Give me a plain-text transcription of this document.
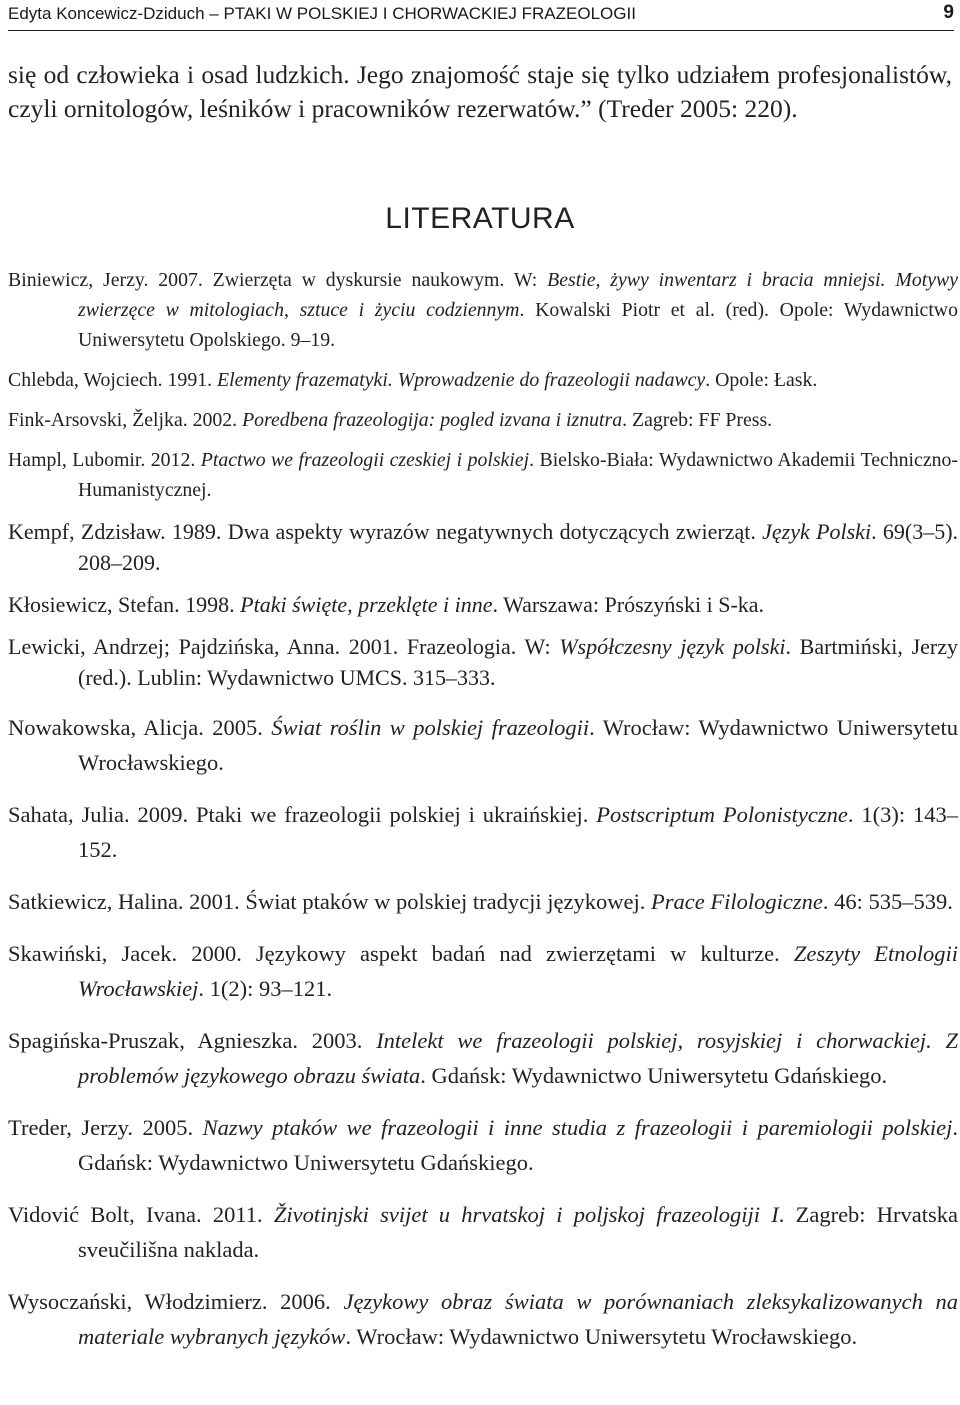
Edyta Koncewicz-Dziduch – PTAKI W POLSKIEJ I CHORWACKIEJ FRAZEOLOGII	9

się od człowieka i osad ludzkich. Jego znajomość staje się tylko udziałem profesjonalistów, czyli ornitologów, leśników i pracowników rezerwatów.” (Treder 2005: 220).

LITERATURA

Biniewicz, Jerzy. 2007. Zwierzęta w dyskursie naukowym. W: Bestie, żywy inwentarz i bracia mniejsi. Motywy zwierzęce w mitologiach, sztuce i życiu codziennym. Kowalski Piotr et al. (red). Opole: Wydawnictwo Uniwersytetu Opolskiego. 9–19.

Chlebda, Wojciech. 1991. Elementy frazematyki. Wprowadzenie do frazeologii nadawcy. Opole: Łask.

Fink-Arsovski, Željka. 2002. Poredbena frazeologija: pogled izvana i iznutra. Zagreb: FF Press.

Hampl, Lubomir. 2012. Ptactwo we frazeologii czeskiej i polskiej. Bielsko-Biała: Wydawnictwo Akademii Techniczno-Humanistycznej.

Kempf, Zdzisław. 1989. Dwa aspekty wyrazów negatywnych dotyczących zwierząt. Język Polski. 69(3–5). 208–209.

Kłosiewicz, Stefan. 1998. Ptaki święte, przeklęte i inne. Warszawa: Prószyński i S-ka.

Lewicki, Andrzej; Pajdzińska, Anna. 2001. Frazeologia. W: Współczesny język polski. Bartmiński, Jerzy (red.). Lublin: Wydawnictwo UMCS. 315–333.

Nowakowska, Alicja. 2005. Świat roślin w polskiej frazeologii. Wrocław: Wydawnictwo Uniwersytetu Wrocławskiego.

Sahata, Julia. 2009. Ptaki we frazeologii polskiej i ukraińskiej. Postscriptum Polonistyczne. 1(3): 143–152.

Satkiewicz, Halina. 2001. Świat ptaków w polskiej tradycji językowej. Prace Filologiczne. 46: 535–539.

Skawiński, Jacek. 2000. Językowy aspekt badań nad zwierzętami w kulturze. Zeszyty Etnologii Wrocławskiej. 1(2): 93–121.

Spagińska-Pruszak, Agnieszka. 2003. Intelekt we frazeologii polskiej, rosyjskiej i chorwackiej. Z problemów językowego obrazu świata. Gdańsk: Wydawnictwo Uniwersytetu Gdańskiego.

Treder, Jerzy. 2005. Nazwy ptaków we frazeologii i inne studia z frazeologii i paremiologii polskiej. Gdańsk: Wydawnictwo Uniwersytetu Gdańskiego.

Vidović Bolt, Ivana. 2011. Životinjski svijet u hrvatskoj i poljskoj frazeologiji I. Zagreb: Hrvatska sveučilišna naklada.

Wysoczański, Włodzimierz. 2006. Językowy obraz świata w porównaniach zleksykalizowanych na materiale wybranych języków. Wrocław: Wydawnictwo Uniwersytetu Wrocławskiego.
